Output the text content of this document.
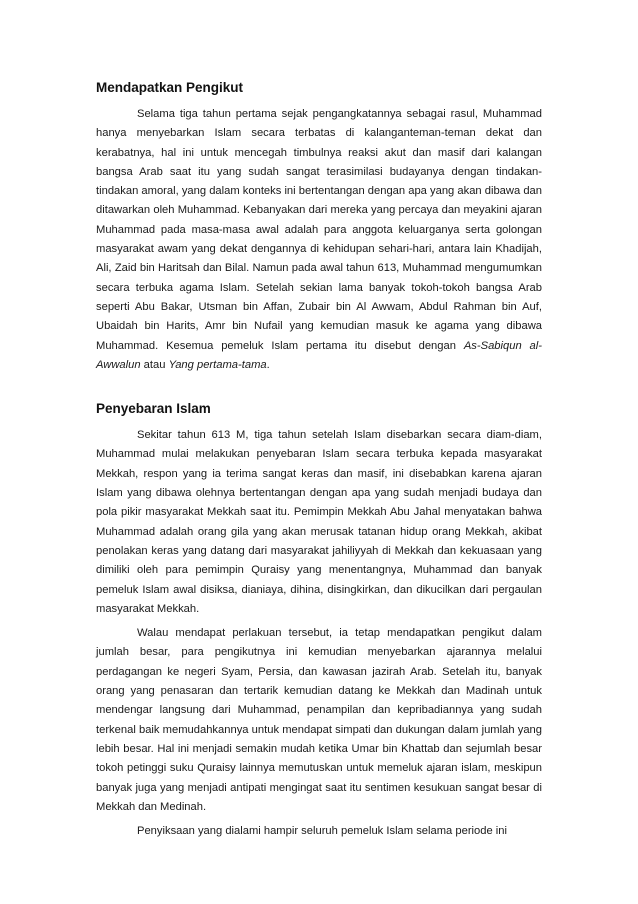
Mendapatkan Pengikut

Selama tiga tahun pertama sejak pengangkatannya sebagai rasul, Muhammad hanya menyebarkan Islam secara terbatas di kalanganteman-teman dekat dan kerabatnya, hal ini untuk mencegah timbulnya reaksi akut dan masif dari kalangan bangsa Arab saat itu yang sudah sangat terasimilasi budayanya dengan tindakan-tindakan amoral, yang dalam konteks ini bertentangan dengan apa yang akan dibawa dan ditawarkan oleh Muhammad. Kebanyakan dari mereka yang percaya dan meyakini ajaran Muhammad pada masa-masa awal adalah para anggota keluarganya serta golongan masyarakat awam yang dekat dengannya di kehidupan sehari-hari, antara lain Khadijah, Ali, Zaid bin Haritsah dan Bilal. Namun pada awal tahun 613, Muhammad mengumumkan secara terbuka agama Islam. Setelah sekian lama banyak tokoh-tokoh bangsa Arab seperti Abu Bakar, Utsman bin Affan, Zubair bin Al Awwam, Abdul Rahman bin Auf, Ubaidah bin Harits, Amr bin Nufail yang kemudian masuk ke agama yang dibawa Muhammad. Kesemua pemeluk Islam pertama itu disebut dengan As-Sabiqun al-Awwalun atau Yang pertama-tama.

Penyebaran Islam

Sekitar tahun 613 M, tiga tahun setelah Islam disebarkan secara diam-diam, Muhammad mulai melakukan penyebaran Islam secara terbuka kepada masyarakat Mekkah, respon yang ia terima sangat keras dan masif, ini disebabkan karena ajaran Islam yang dibawa olehnya bertentangan dengan apa yang sudah menjadi budaya dan pola pikir masyarakat Mekkah saat itu. Pemimpin Mekkah Abu Jahal menyatakan bahwa Muhammad adalah orang gila yang akan merusak tatanan hidup orang Mekkah, akibat penolakan keras yang datang dari masyarakat jahiliyyah di Mekkah dan kekuasaan yang dimiliki oleh para pemimpin Quraisy yang menentangnya, Muhammad dan banyak pemeluk Islam awal disiksa, dianiaya, dihina, disingkirkan, dan dikucilkan dari pergaulan masyarakat Mekkah.

Walau mendapat perlakuan tersebut, ia tetap mendapatkan pengikut dalam jumlah besar, para pengikutnya ini kemudian menyebarkan ajarannya melalui perdagangan ke negeri Syam, Persia, dan kawasan jazirah Arab. Setelah itu, banyak orang yang penasaran dan tertarik kemudian datang ke Mekkah dan Madinah untuk mendengar langsung dari Muhammad, penampilan dan kepribadiannya yang sudah terkenal baik memudahkannya untuk mendapat simpati dan dukungan dalam jumlah yang lebih besar. Hal ini menjadi semakin mudah ketika Umar bin Khattab dan sejumlah besar tokoh petinggi suku Quraisy lainnya memutuskan untuk memeluk ajaran islam, meskipun banyak juga yang menjadi antipati mengingat saat itu sentimen kesukuan sangat besar di Mekkah dan Medinah.

Penyiksaan yang dialami hampir seluruh pemeluk Islam selama periode ini
